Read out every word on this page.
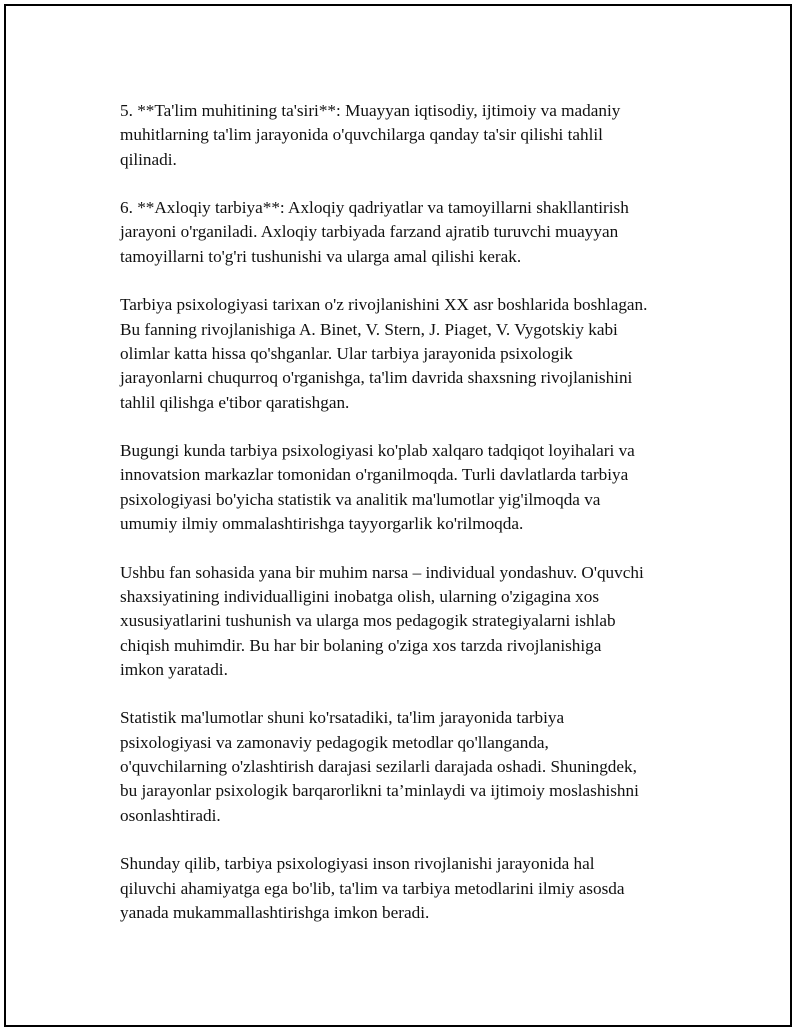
5. **Ta'lim muhitining ta'siri**: Muayyan iqtisodiy, ijtimoiy va madaniy
muhitlarning ta'lim jarayonida o'quvchilarga qanday ta'sir qilishi tahlil
qilinadi.

6. **Axloqiy tarbiya**: Axloqiy qadriyatlar va tamoyillarni shakllantirish
jarayoni o'rganiladi. Axloqiy tarbiyada farzand ajratib turuvchi muayyan
tamoyillarni to'g'ri tushunishi va ularga amal qilishi kerak.

Tarbiya psixologiyasi tarixan o'z rivojlanishini XX asr boshlarida boshlagan.
Bu fanning rivojlanishiga A. Binet, V. Stern, J. Piaget, V. Vygotskiy kabi
olimlar katta hissa qo'shganlar. Ular tarbiya jarayonida psixologik
jarayonlarni chuqurroq o'rganishga, ta'lim davrida shaxsning rivojlanishini
tahlil qilishga e'tibor qaratishgan.

Bugungi kunda tarbiya psixologiyasi ko'plab xalqaro tadqiqot loyihalari va
innovatsion markazlar tomonidan o'rganilmoqda. Turli davlatlarda tarbiya
psixologiyasi bo'yicha statistik va analitik ma'lumotlar yig'ilmoqda va
umumiy ilmiy ommalashtirishga tayyorgarlik ko'rilmoqda.

Ushbu fan sohasida yana bir muhim narsa – individual yondashuv. O'quvchi
shaxsiyatining individualligini inobatga olish, ularning o'zigagina xos
xususiyatlarini tushunish va ularga mos pedagogik strategiyalarni ishlab
chiqish muhimdir. Bu har bir bolaning o'ziga xos tarzda rivojlanishiga
imkon yaratadi.

Statistik ma'lumotlar shuni ko'rsatadiki, ta'lim jarayonida tarbiya
psixologiyasi va zamonaviy pedagogik metodlar qo'llanganda,
o'quvchilarning o'zlashtirish darajasi sezilarli darajada oshadi. Shuningdek,
bu jarayonlar psixologik barqarorlikni ta’minlaydi va ijtimoiy moslashishni
osonlashtiradi.

Shunday qilib, tarbiya psixologiyasi inson rivojlanishi jarayonida hal
qiluvchi ahamiyatga ega bo'lib, ta'lim va tarbiya metodlarini ilmiy asosda
yanada mukammallashtirishga imkon beradi.
